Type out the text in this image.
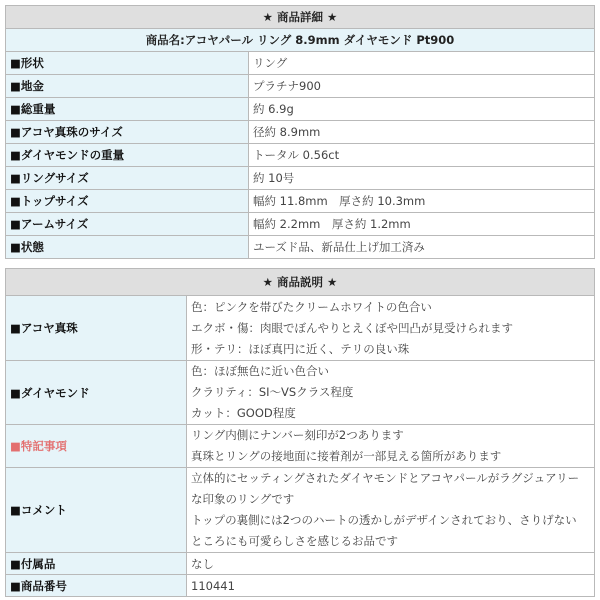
★ 商品詳細 ★	
商品名:アコヤパール リング 8.9mm ダイヤモンド Pt900	
■形状	リング
■地金	プラチナ900
■総重量	約 6.9g
■アコヤ真珠のサイズ	径約 8.9mm
■ダイヤモンドの重量	トータル 0.56ct
■リングサイズ	約 10号
■トップサイズ	幅約 11.8mm　厚さ約 10.3mm
■アームサイズ	幅約 2.2mm　厚さ約 1.2mm
■状態	ユーズド品、新品仕上げ加工済み
★ 商品説明 ★	
■アコヤ真珠	色：ピンクを帯びたクリームホワイトの色合い
エクボ・傷：肉眼でぼんやりとえくぼや凹凸が見受けられます
形・テリ：ほぼ真円に近く、テリの良い珠

■ダイヤモンド	色：ほぼ無色に近い色合い
クラリティ：SI～VSクラス程度
カット：GOOD程度

■特記事項	リング内側にナンバー刻印が2つあります
真珠とリングの接地面に接着剤が一部見える箇所があります

■コメント	立体的にセッティングされたダイヤモンドとアコヤパールがラグジュアリー
な印象のリングです
トップの裏側には2つのハートの透かしがデザインされており、さりげない
ところにも可愛らしさを感じるお品です

■付属品	なし
■商品番号	110441
